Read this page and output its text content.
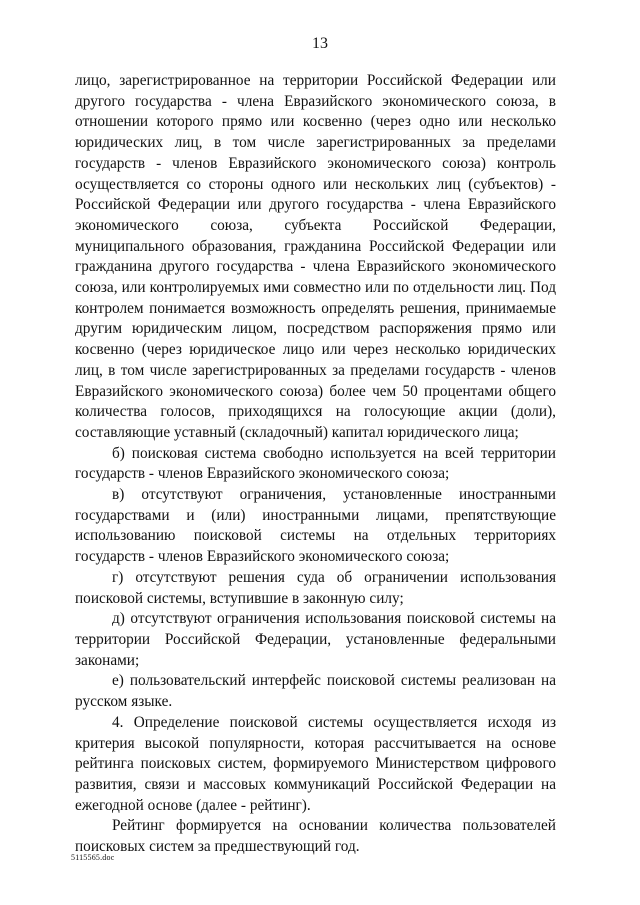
13

лицо, зарегистрированное на территории Российской Федерации или другого государства - члена Евразийского экономического союза, в отношении которого прямо или косвенно (через одно или несколько юридических лиц, в том числе зарегистрированных за пределами государств - членов Евразийского экономического союза) контроль осуществляется со стороны одного или нескольких лиц (субъектов) - Российской Федерации или другого государства - члена Евразийского экономического союза, субъекта Российской Федерации, муниципального образования, гражданина Российской Федерации или гражданина другого государства - члена Евразийского экономического союза, или контролируемых ими совместно или по отдельности лиц. Под контролем понимается возможность определять решения, принимаемые другим юридическим лицом, посредством распоряжения прямо или косвенно (через юридическое лицо или через несколько юридических лиц, в том числе зарегистрированных за пределами государств - членов Евразийского экономического союза) более чем 50 процентами общего количества голосов, приходящихся на голосующие акции (доли), составляющие уставный (складочный) капитал юридического лица;

б) поисковая система свободно используется на всей территории государств - членов Евразийского экономического союза;

в) отсутствуют ограничения, установленные иностранными государствами и (или) иностранными лицами, препятствующие использованию поисковой системы на отдельных территориях государств - членов Евразийского экономического союза;

г) отсутствуют решения суда об ограничении использования поисковой системы, вступившие в законную силу;

д) отсутствуют ограничения использования поисковой системы на территории Российской Федерации, установленные федеральными законами;

е) пользовательский интерфейс поисковой системы реализован на русском языке.

4. Определение поисковой системы осуществляется исходя из критерия высокой популярности, которая рассчитывается на основе рейтинга поисковых систем, формируемого Министерством цифрового развития, связи и массовых коммуникаций Российской Федерации на ежегодной основе (далее - рейтинг).

Рейтинг формируется на основании количества пользователей поисковых систем за предшествующий год.

5115565.doc
